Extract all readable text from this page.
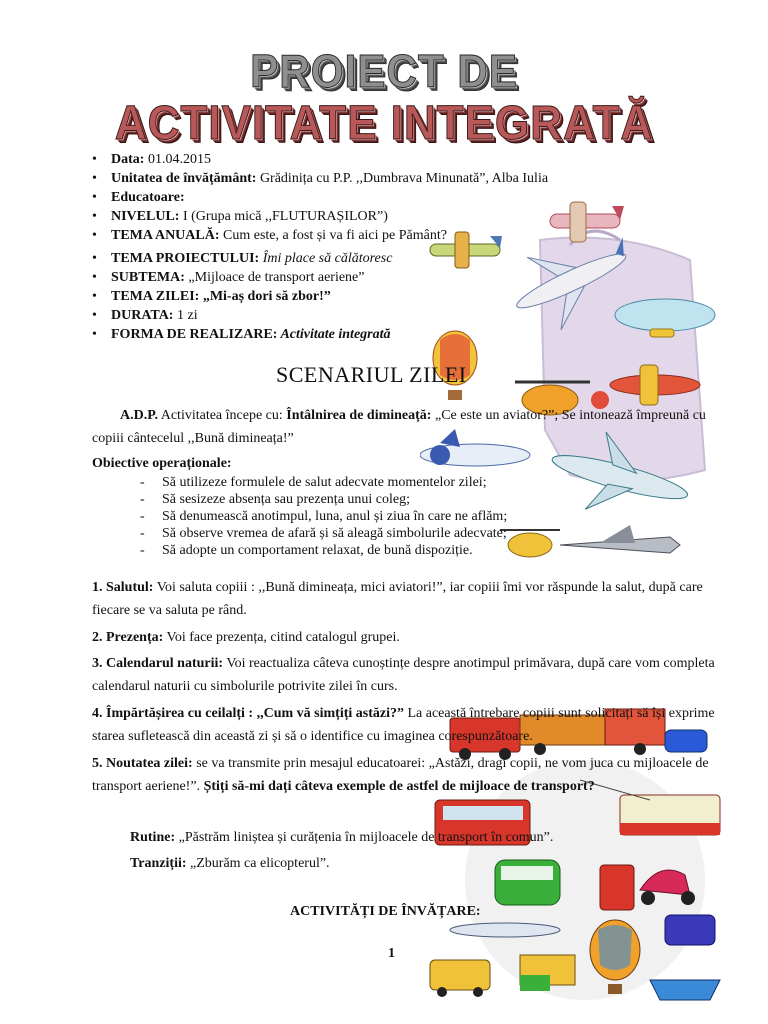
PROIECT DE
ACTIVITATE INTEGRATĂ
• Data: 01.04.2015
• Unitatea de învățământ: Grădinița cu P.P. ,,Dumbrava Minunată”, Alba Iulia
• Educatoare:
• NIVELUL: I (Grupa mică ,,FLUTURAȘILOR”)
• TEMA ANUALĂ: Cum este, a fost și va fi aici pe Pământ?
• TEMA PROIECTULUI: Îmi place să călătoresc
• SUBTEMA: „Mijloace de transport aeriene”
• TEMA ZILEI: „Mi-aș dori să zbor!”
• DURATA: 1 zi
• FORMA DE REALIZARE: Activitate integrată
SCENARIUL ZILEI
A.D.P. Activitatea începe cu: Întâlnirea de dimineață: „Ce este un aviator?”; Se intonează împreună cu copiii cântecelul ,,Bună dimineața!”
Obiective operaționale:
- Să utilizeze formulele de salut adecvate momentelor zilei;
- Să sesizeze absența sau prezența unui coleg;
- Să denumească anotimpul, luna, anul și ziua în care ne aflăm;
- Să observe vremea de afară și să aleagă simbolurile adecvate;
- Să adopte un comportament relaxat, de bună dispoziție.
1. Salutul: Voi saluta copiii : ,,Bună dimineața, mici aviatori!”, iar copiii îmi vor răspunde la salut, după care fiecare se va saluta pe rând.
2. Prezența: Voi face prezența, citind catalogul grupei.
3. Calendarul naturii: Voi reactualiza câteva cunoștințe despre anotimpul primăvara, după care vom completa calendarul naturii cu simbolurile potrivite zilei în curs.
4. Împărtășirea cu ceilalți : ,,Cum vă simțiți astăzi?” La această întrebare copiii sunt solicitați să își exprime starea sufletească din această zi și să o identifice cu imaginea corespunzătoare.
5. Noutatea zilei: se va transmite prin mesajul educatoarei: „Astăzi, dragi copii, ne vom juca cu mijloacele de transport aeriene!”. Știți să-mi dați câteva exemple de astfel de mijloace de transport?
Rutine: „Păstrăm liniștea și curățenia în mijloacele de transport în comun”.
Tranziții: „Zburăm ca elicopterul”.
ACTIVITĂȚI DE ÎNVĂȚARE:
1
